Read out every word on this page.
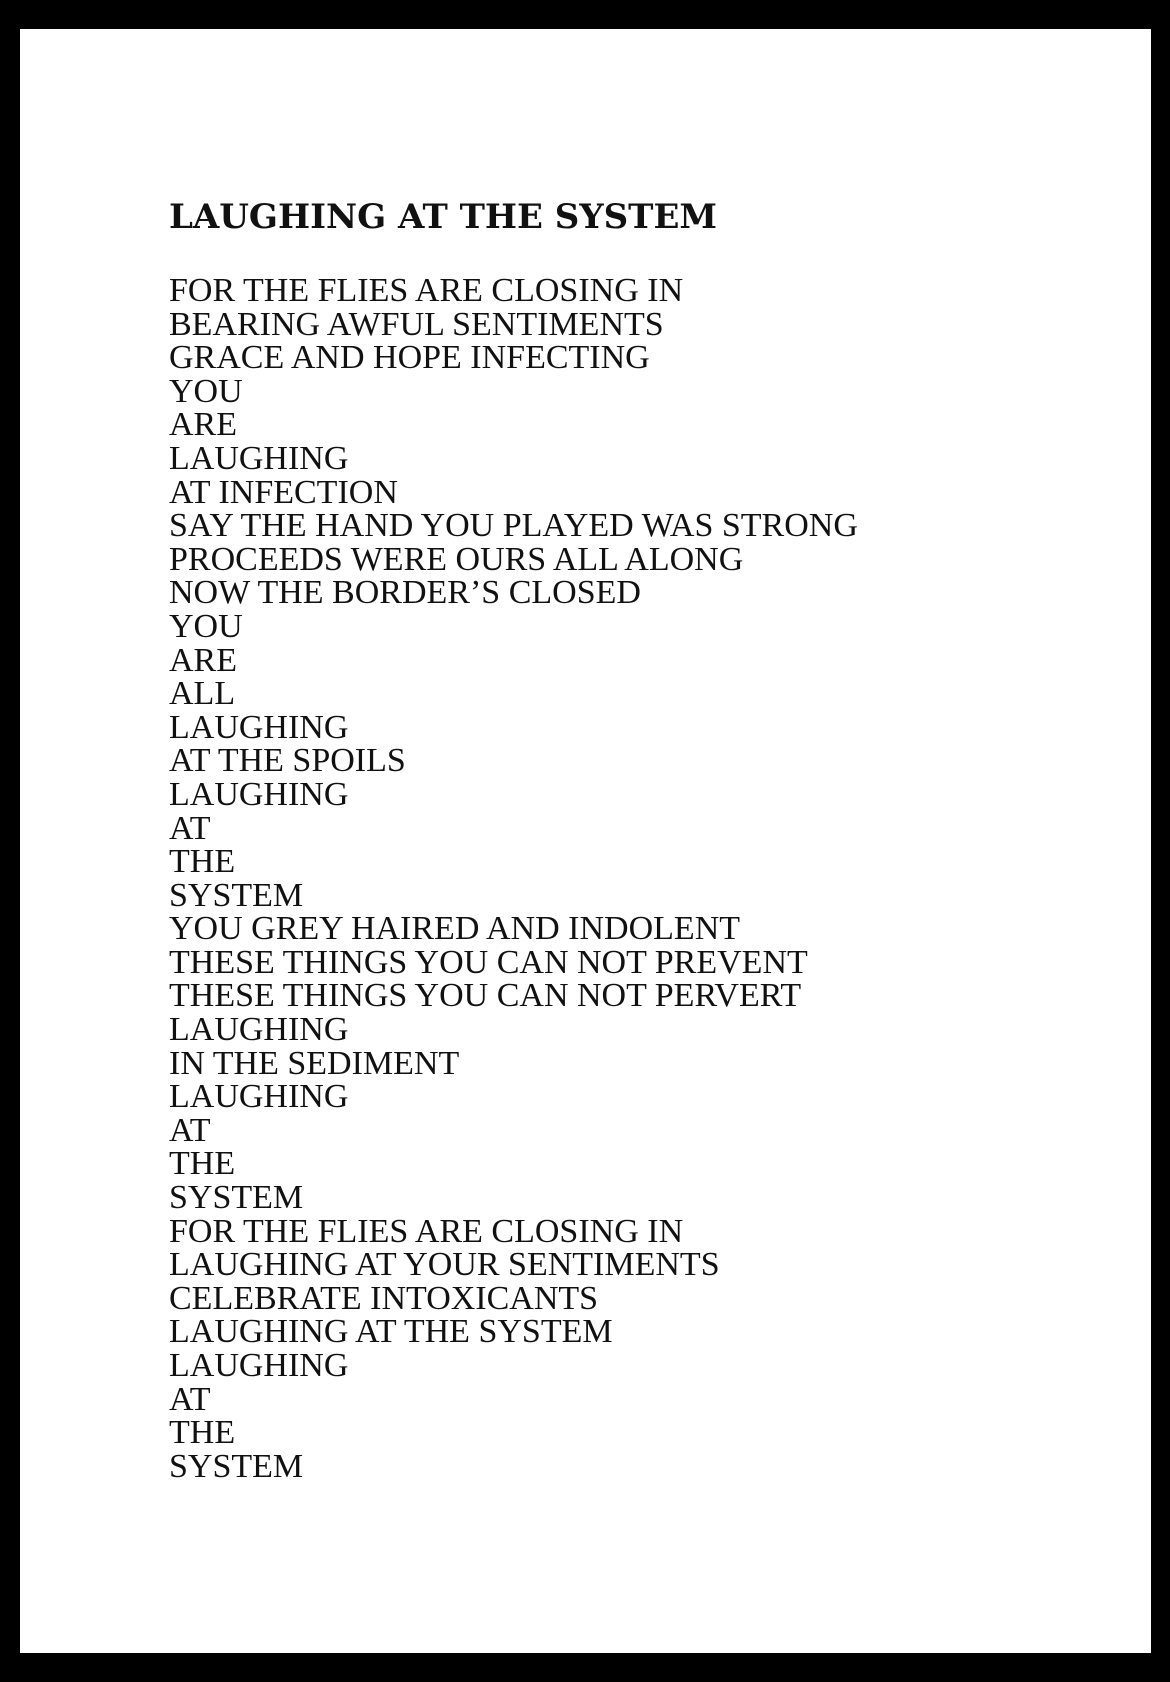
LAUGHING AT THE SYSTEM
FOR THE FLIES ARE CLOSING IN
BEARING AWFUL SENTIMENTS
GRACE AND HOPE INFECTING
YOU
ARE
LAUGHING
AT INFECTION
SAY THE HAND YOU PLAYED WAS STRONG
PROCEEDS WERE OURS ALL ALONG
NOW THE BORDER’S CLOSED
YOU
ARE
ALL
LAUGHING
AT THE SPOILS
LAUGHING
AT
THE
SYSTEM
YOU GREY HAIRED AND INDOLENT
THESE THINGS YOU CAN NOT PREVENT
THESE THINGS YOU CAN NOT PERVERT
LAUGHING
IN THE SEDIMENT
LAUGHING
AT
THE
SYSTEM
FOR THE FLIES ARE CLOSING IN
LAUGHING AT YOUR SENTIMENTS
CELEBRATE INTOXICANTS
LAUGHING AT THE SYSTEM
LAUGHING
AT
THE
SYSTEM
